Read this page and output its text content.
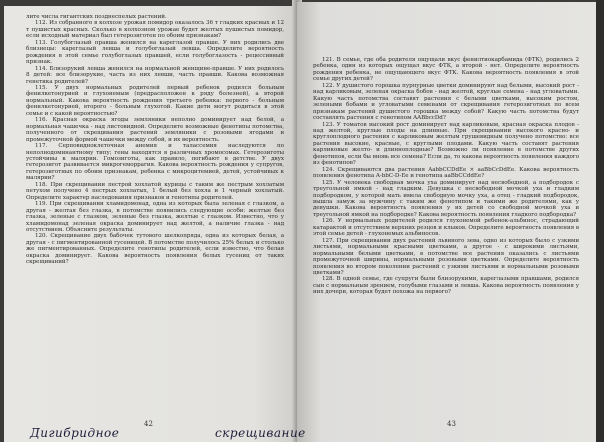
лите числа гигантских позднеспелых растений.

112. Из собранного в колхозе урожая помидор оказалось 36 т гладких красных и 12 т пушистых красных. Сколько в колхозном урожае будет желтых пушистых помидор, если исходный материал был гетерозиготен по обоим признакам?

113. Голубоглазый правша женился на кареглазой правше. У них родились две близнецы: кареглазый левша и голубоглазый левша. Определите вероятность рождения в этой семье голубоглазых правшей, если голубоглазость - рецессивный признак.

114. Близорукий левша женился на нормальной женщине-правше. У них родилось 8 детей: все близорукие, часть из них левши, часть правши. Какова возможная генетика родителей?

115. У двух нормальных родителей первый ребенок родился больным фенилкетонурией и глухонемым (предрасположен к ряду болезней), а второй нормальный. Какова вероятность рождения третьего ребенка: первого - больным фенилкетонурией, второго - больным глухотой. Какие дети могут родиться в этой семье и с какой вероятностью?

116. Красная окраска ягоды земляники неполно доминирует над белой, а нормальная чашечка - над листовидной. Определите возможные фенотипы потомства, полученного от скрещивания растений земляники с розовыми ягодами и промежуточной формой чашечки между собой, и их вероятность.

117. Серповидноклеточная анемия и талассемия наследуются по неполнодоминантному типу; гены находятся в различных хромосомах. Гетерозиготы устойчивы к малярии. Гомозиготы, как правило, погибают в детстве. У двух гетерозигот развивается микрогеморрагия. Какова вероятность рождения у супругов, гетерозиготных по обоим признакам, ребенка с микроцитемией, детей, устойчивых к малярии?

118. При скрещивании пестрой хохлатой курицы с таким же пестрым хохлатым петухом получено 4 пестрых хохлатых, 1 белый без хохла и 1 черный хохлатый. Определите характер наследования признаков и генотипы родителей.

119. При скрещивании хламидомонад, одна из которых была зеленая с глазком, а другая - желтая без глазка, в потомстве появились следующие особи: желтые без глазка, зеленые с глазком, зеленые без глазка, желтые с глазком. Известно, что у хламидомонад зеленая окраска доминирует над желтой, а наличие глазка - над отсутствием. Объясните результаты.

120. Скрещивание двух бабочек тутового шелкопряда, одна из которых белая, а другая - с пигментированной гусеницей. В потомстве получилось 25% белых и столько же пигментированных. Определите генотипы родителей, если известно, что белая окраска доминирует. Какова вероятность появления белых гусениц от таких скрещиваний?

42

121. В семье, где оба родителя ощущали вкус фенилтиокарбамида (ФТК), родились 2 ребенка, один из которых ощущал вкус ФТК, а второй - нет. Определите вероятность рождения ребенка, не ощущающего вкус ФТК. Какова вероятность появления в этой семье других детей?

122. У душистого горошка пурпурные цветки доминируют над белыми, высокий рост - над карликовым, зеленая окраска бобов - над желтой, круглые семена - над угловатыми. Какую часть потомства составят растения с белыми цветками, высоким ростом, зелеными бобами и угловатыми семенами от скрещивания гетерозиготных по всем признакам растений душистого горошка между собой? Какую часть потомства будут составлять растения с генотипом AABbccDd?

123. У томатов высокий рост доминирует над карликовым, красная окраска плодов - над желтой, круглые плоды на длинные. При скрещивании высокого красно- и круглоплодного растения с карликовым желтым грушевидным получено потомство: все растения высокие, красные, с круглыми плодами. Какую часть составят растения карликовые желто- и длинноплодные? Возможно ли появление в потомстве других фенотипов, если бы вновь все семена? Если да, то какова вероятность появления каждого из фенотипов?

124. Скрещиваются два растения AabbCCDdEe × aaBbCcDdEe. Какова вероятность появления фенотипа A-bbC-D-Ee и генотипа aaBbCCddEe?

125. У человека свободная мочка уха доминирует над несвободной, а подбородок с треугольной ямкой - над гладким. Девушка с несвободной мочкой уха и гладким подбородком, у которой мать имела свободную мочку уха, а отец - гладкий подбородок, вышла замуж за мужчину с таким же фенотипом и такими же родителями, как у девушки. Какова вероятность появления у их детей со свободной мочкой уха и треугольной ямкой на подбородке? Какова вероятность появления гладкого подбородка?

126. У нормальных родителей родился глухонемой ребенок-альбинос, страдающий катарактой и отсутствием верхних резцов и клыков. Определите вероятность появления в этой семье детей - глухонемых альбиносов.

127. При скрещивании двух растений львиного зева, одно из которых было с узкими листьями, нормальными красными цветками, а другое - с широкими листьями, нормальными белыми цветками, в потомстве все растения оказались с листьями промежуточной ширины, нормальными розовыми цветками. Определите вероятность появления во втором поколении растений с узкими листьями и нормальными розовыми цветками?

128. В одной семье, где супруги были близорукими, кареглазыми правшами, родился сын с нормальным зрением, голубыми глазами и левша. Какова вероятность появления у них дочери, которая будет похожа на первого?

43
Дигибридное	скрещивание
